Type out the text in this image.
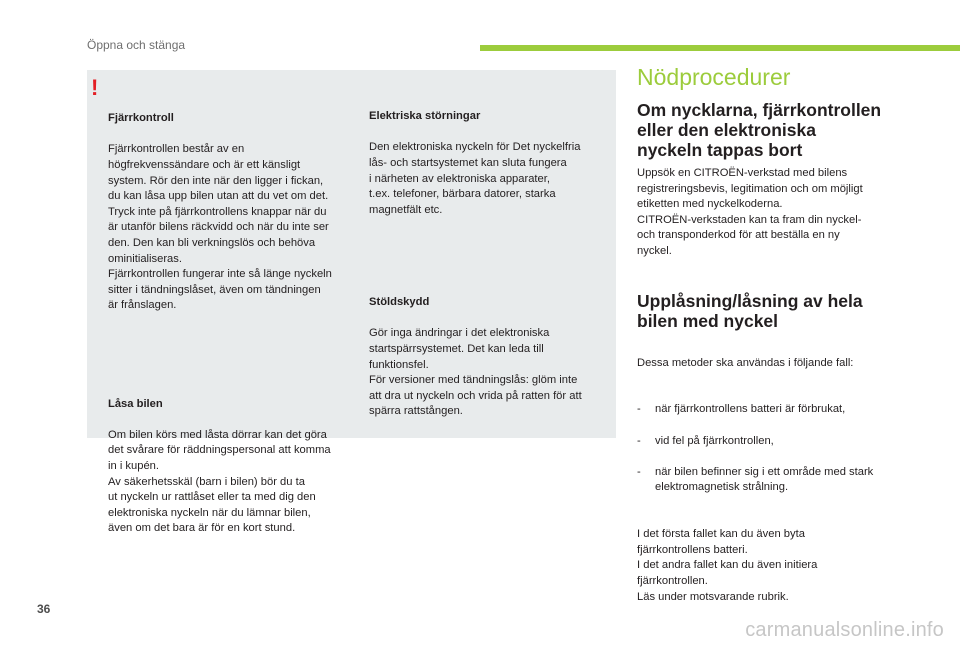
Öppna och stänga
!

Fjärrkontroll

Fjärrkontrollen består av en
högfrekvenssändare och är ett känsligt
system. Rör den inte när den ligger i fickan,
du kan låsa upp bilen utan att du vet om det.
Tryck inte på fjärrkontrollens knappar när du
är utanför bilens räckvidd och när du inte ser
den. Den kan bli verkningslös och behöva
ominitialiseras.
Fjärrkontrollen fungerar inte så länge nyckeln
sitter i tändningslåset, även om tändningen
är frånslagen.

Låsa bilen

Om bilen körs med låsta dörrar kan det göra
det svårare för räddningspersonal att komma
in i kupén.
Av säkerhetsskäl (barn i bilen) bör du ta
ut nyckeln ur rattlåset eller ta med dig den
elektroniska nyckeln när du lämnar bilen,
även om det bara är för en kort stund.

Elektriska störningar

Den elektroniska nyckeln för Det nyckelfria
lås- och startsystemet kan sluta fungera
i närheten av elektroniska apparater,
t.ex. telefoner, bärbara datorer, starka
magnetfält etc.

Stöldskydd

Gör inga ändringar i det elektroniska
startspärrsystemet. Det kan leda till
funktionsfel.
För versioner med tändningslås: glöm inte
att dra ut nyckeln och vrida på ratten för att
spärra rattstången.

Nödprocedurer
Om nycklarna, fjärrkontrollen
eller den elektroniska
nyckeln tappas bort
Uppsök en CITROËN-verkstad med bilens
registreringsbevis, legitimation och om möjligt
etiketten med nyckelkoderna.
CITROËN-verkstaden kan ta fram din nyckel-
och transponderkod för att beställa en ny
nyckel.
Upplåsning/låsning av hela
bilen med nyckel

Dessa metoder ska användas i följande fall:

- när fjärrkontrollens batteri är förbrukat,

- vid fel på fjärrkontrollen,

- när bilen befinner sig i ett område med stark
elektromagnetisk strålning.

I det första fallet kan du även byta
fjärrkontrollens batteri.
I det andra fallet kan du även initiera
fjärrkontrollen.
Läs under motsvarande rubrik.

36
carmanualsonline.info
